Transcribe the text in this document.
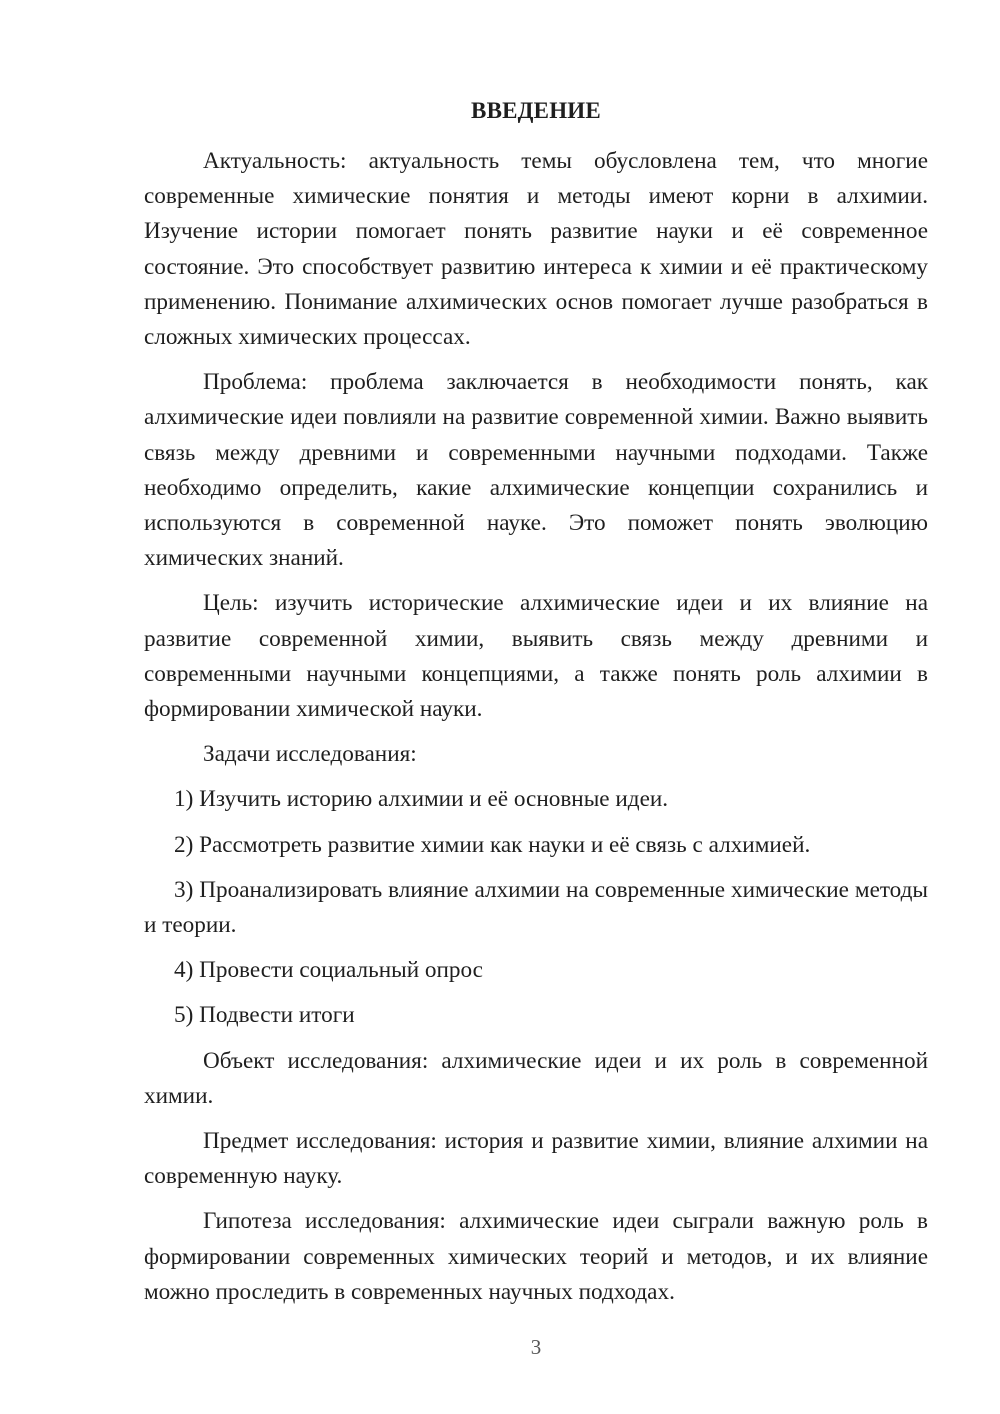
ВВЕДЕНИЕ

Актуальность: актуальность темы обусловлена тем, что многие современные химические понятия и методы имеют корни в алхимии. Изучение истории помогает понять развитие науки и её современное состояние. Это способствует развитию интереса к химии и её практическому применению. Понимание алхимических основ помогает лучше разобраться в сложных химических процессах.

Проблема: проблема заключается в необходимости понять, как алхимические идеи повлияли на развитие современной химии. Важно выявить связь между древними и современными научными подходами. Также необходимо определить, какие алхимические концепции сохранились и используются в современной науке. Это поможет понять эволюцию химических знаний.

Цель: изучить исторические алхимические идеи и их влияние на развитие современной химии, выявить связь между древними и современными научными концепциями, а также понять роль алхимии в формировании химической науки.

Задачи исследования:

1) Изучить историю алхимии и её основные идеи.

2) Рассмотреть развитие химии как науки и её связь с алхимией.

3) Проанализировать влияние алхимии на современные химические методы и теории.

4) Провести социальный опрос

5) Подвести итоги

Объект исследования: алхимические идеи и их роль в современной химии.

Предмет исследования: история и развитие химии, влияние алхимии на современную науку.

Гипотеза исследования: алхимические идеи сыграли важную роль в формировании современных химических теорий и методов, и их влияние можно проследить в современных научных подходах.

3
